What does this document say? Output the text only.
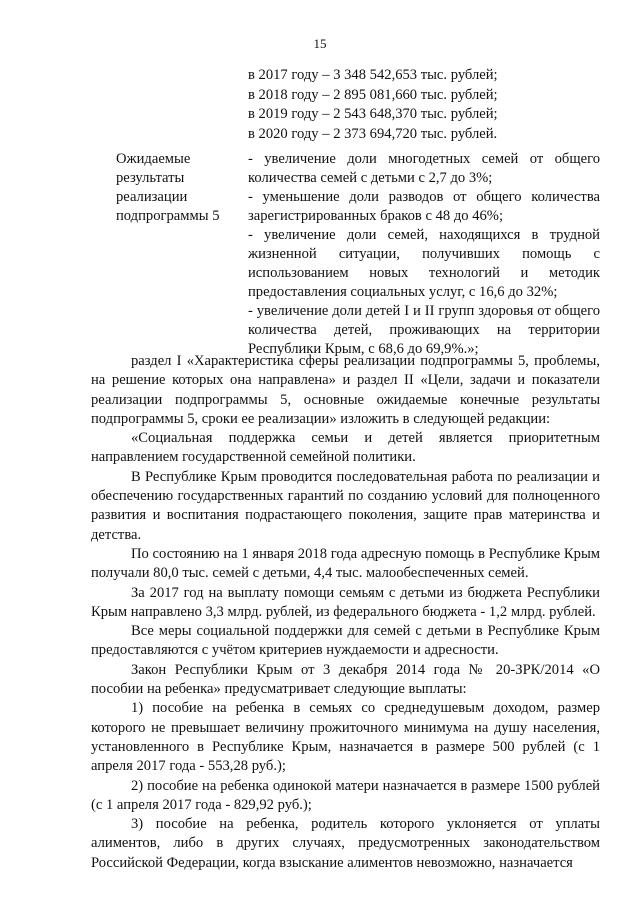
15
в 2017 году – 3 348 542,653 тыс. рублей;
в 2018 году – 2 895 081,660 тыс. рублей;
в 2019 году – 2 543 648,370 тыс. рублей;
в 2020 году – 2 373 694,720 тыс. рублей.
Ожидаемые
результаты
реализации
подпрограммы 5

- увеличение доли многодетных семей от общего количества семей с детьми с 2,7 до 3%;

- уменьшение доли разводов от общего количества зарегистрированных браков с 48 до 46%;

- увеличение доли семей, находящихся в трудной жизненной ситуации, получивших помощь с использованием новых технологий и методик предоставления социальных услуг, с 16,6 до 32%;

- увеличение доли детей I и II групп здоровья от общего количества детей, проживающих на территории Республики Крым, с 68,6 до 69,9%.»;

раздел I «Характеристика сферы реализации подпрограммы 5, проблемы, на решение которых она направлена» и раздел II «Цели, задачи и показатели реализации подпрограммы 5, основные ожидаемые конечные результаты подпрограммы 5, сроки ее реализации» изложить в следующей редакции:

«Социальная поддержка семьи и детей является приоритетным направлением государственной семейной политики.

В Республике Крым проводится последовательная работа по реализации и обеспечению государственных гарантий по созданию условий для полноценного развития и воспитания подрастающего поколения, защите прав материнства и детства.

По состоянию на 1 января 2018 года адресную помощь в Республике Крым получали 80,0 тыс. семей с детьми, 4,4 тыс. малообеспеченных семей.

За 2017 год на выплату помощи семьям с детьми из бюджета Республики Крым направлено 3,3 млрд. рублей, из федерального бюджета - 1,2 млрд. рублей.

Все меры социальной поддержки для семей с детьми в Республике Крым предоставляются с учётом критериев нуждаемости и адресности.

Закон Республики Крым от 3 декабря 2014 года № 20-ЗРК/2014 «О пособии на ребенка» предусматривает следующие выплаты:

1) пособие на ребенка в семьях со среднедушевым доходом, размер которого не превышает величину прожиточного минимума на душу населения, установленного в Республике Крым, назначается в размере 500 рублей (с 1 апреля 2017 года - 553,28 руб.);

2) пособие на ребенка одинокой матери назначается в размере 1500 рублей (с 1 апреля 2017 года - 829,92 руб.);

3) пособие на ребенка, родитель которого уклоняется от уплаты алиментов, либо в других случаях, предусмотренных законодательством Российской Федерации, когда взыскание алиментов невозможно, назначается
